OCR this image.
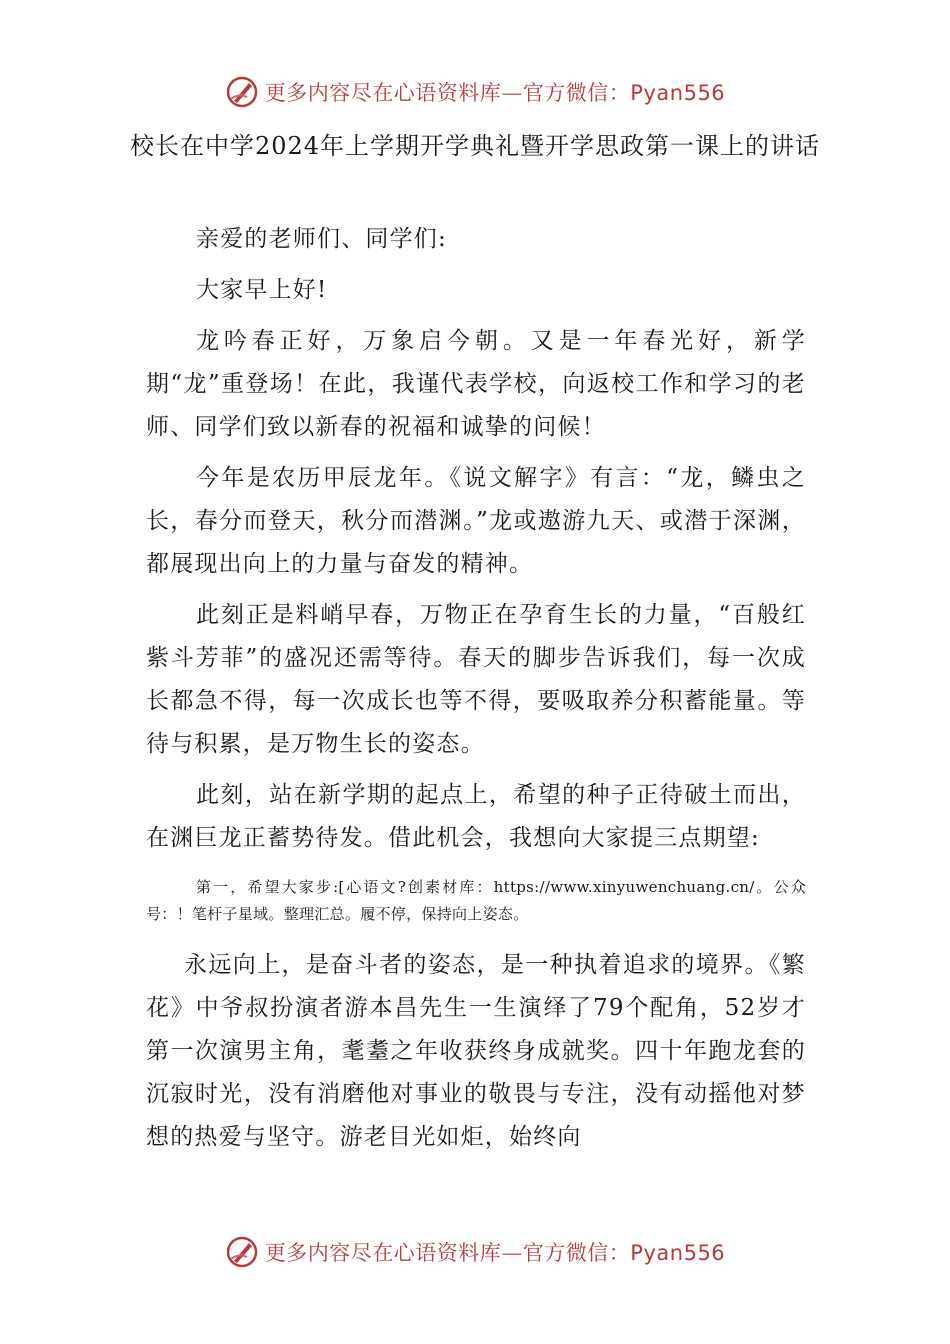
更多内容尽在心语资料库—官方微信：Pyan556
校长在中学2024年上学期开学典礼暨开学思政第一课上的讲话

亲爱的老师们、同学们:

大家早上好!

龙吟春正好，万象启今朝。又是一年春光好，新学期“龙”重登场！在此，我谨代表学校，向返校工作和学习的老师、同学们致以新春的祝福和诚挚的问候！

今年是农历甲辰龙年。《说文解字》有言：“龙，鳞虫之长，春分而登天，秋分而潜渊。”龙或遨游九天、或潜于深渊，都展现出向上的力量与奋发的精神。

此刻正是料峭早春，万物正在孕育生长的力量，“百般红紫斗芳菲”的盛况还需等待。春天的脚步告诉我们，每一次成长都急不得，每一次成长也等不得，要吸取养分积蓄能量。等待与积累，是万物生长的姿态。

此刻，站在新学期的起点上，希望的种子正待破土而出，在渊巨龙正蓄势待发。借此机会，我想向大家提三点期望:

第一，希望大家步:[心语文?创素材库：https://www.xinyuwenchuang.cn/。公众号：！笔杆子星域。整理汇总。履不停，保持向上姿态。

永远向上，是奋斗者的姿态，是一种执着追求的境界。《繁花》中爷叔扮演者游本昌先生一生演绎了79个配角，52岁才第一次演男主角，耄耋之年收获终身成就奖。四十年跑龙套的沉寂时光，没有消磨他对事业的敬畏与专注，没有动摇他对梦想的热爱与坚守。游老目光如炬，始终向

更多内容尽在心语资料库—官方微信：Pyan556
